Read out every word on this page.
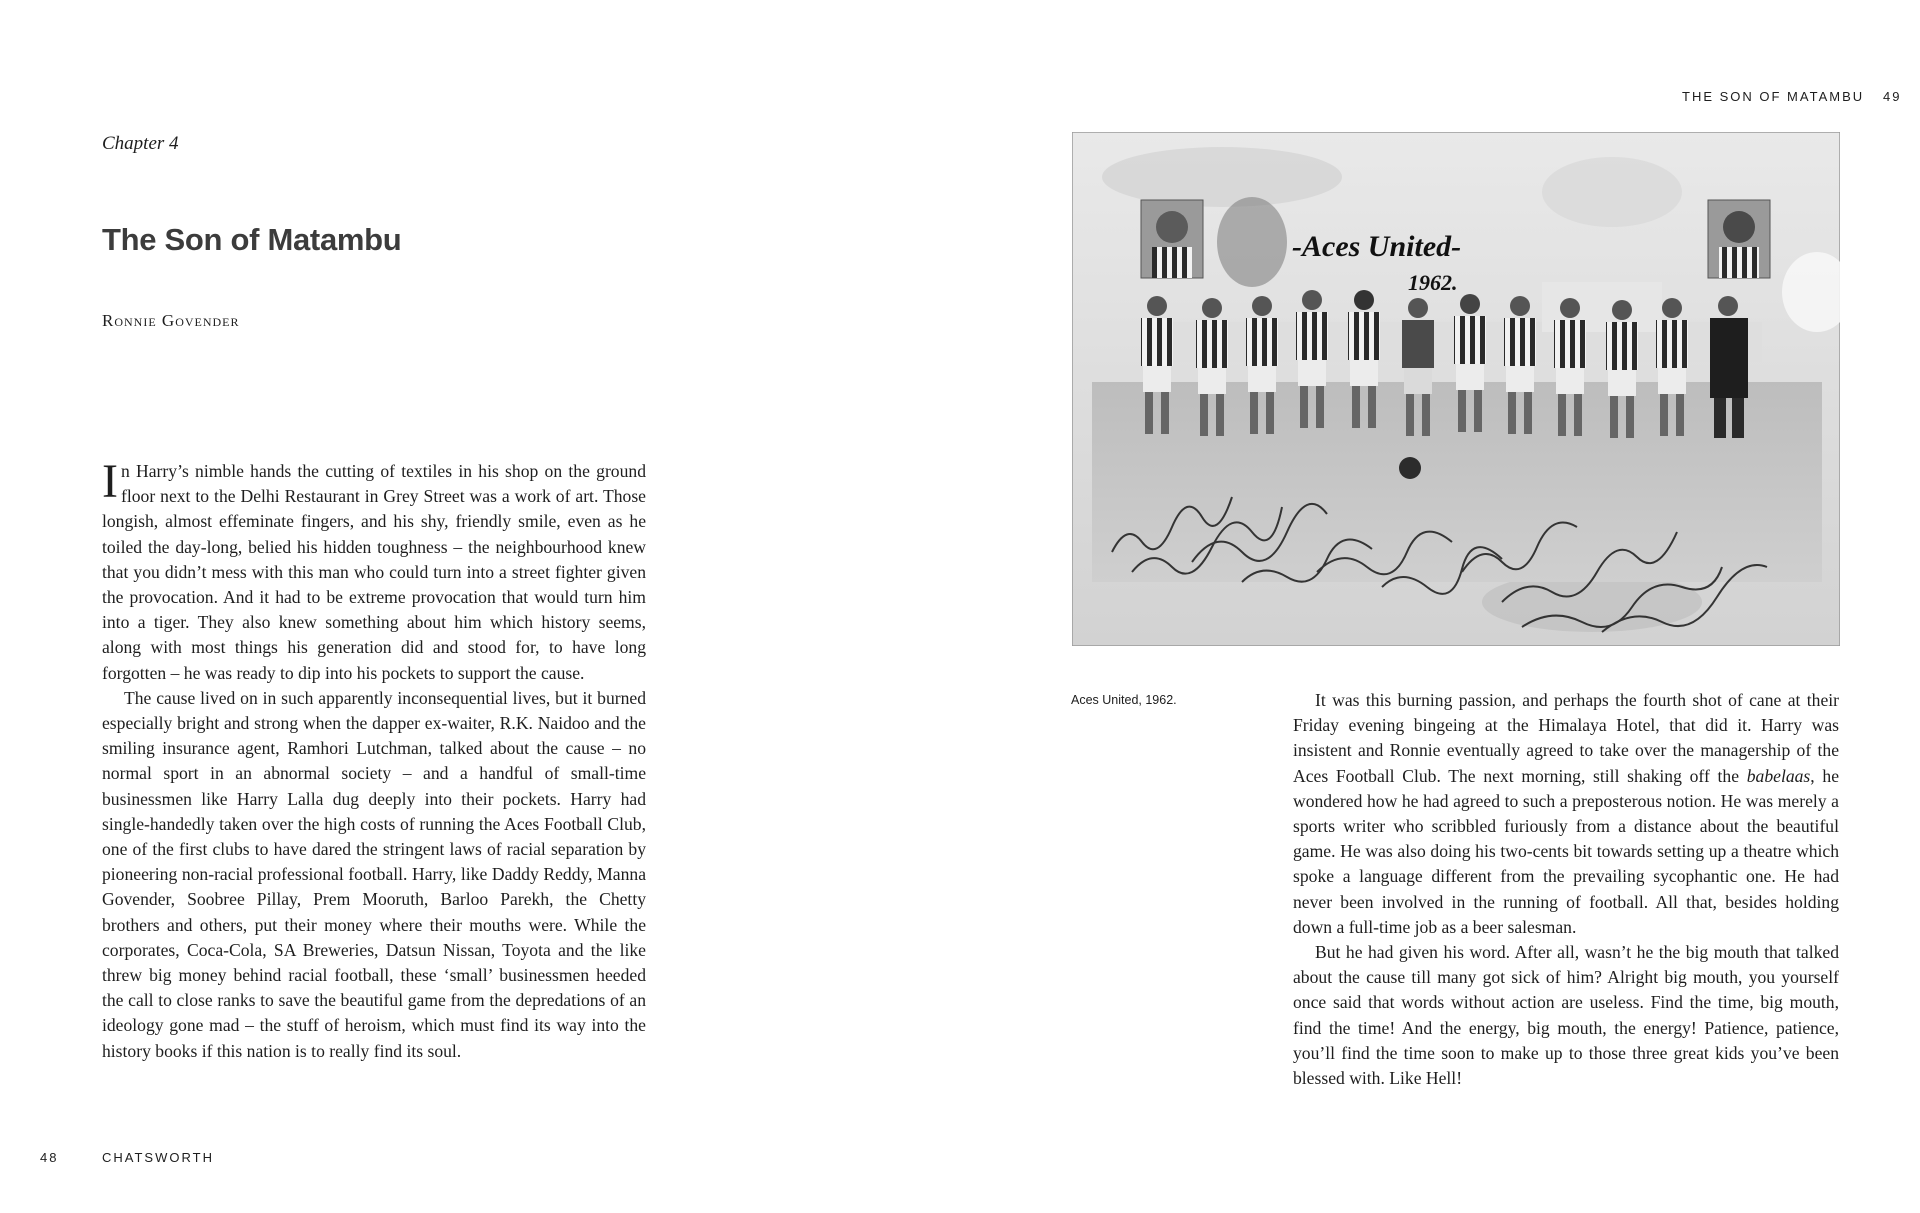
Chapter 4
The Son of Matambu
Ronnie Govender

In Harry’s nimble hands the cutting of textiles in his shop on the ground floor next to the Delhi Restaurant in Grey Street was a work of art. Those longish, almost effeminate fingers, and his shy, friendly smile, even as he toiled the day-long, belied his hidden toughness – the neighbourhood knew that you didn’t mess with this man who could turn into a street fighter given the provocation. And it had to be extreme provocation that would turn him into a tiger. They also knew something about him which history seems, along with most things his generation did and stood for, to have long forgotten – he was ready to dip into his pockets to support the cause.

The cause lived on in such apparently inconsequential lives, but it burned especially bright and strong when the dapper ex-waiter, R.K. Naidoo and the smiling insurance agent, Ramhori Lutchman, talked about the cause – no normal sport in an abnormal society – and a handful of small-time businessmen like Harry Lalla dug deeply into their pockets. Harry had single-handedly taken over the high costs of running the Aces Football Club, one of the first clubs to have dared the stringent laws of racial separation by pioneering non-racial professional football. Harry, like Daddy Reddy, Manna Govender, Soobree Pillay, Prem Mooruth, Barloo Parekh, the Chetty brothers and others, put their money where their mouths were. While the corporates, Coca-Cola, SA Breweries, Datsun Nissan, Toyota and the like threw big money behind racial football, these ‘small’ businessmen heeded the call to close ranks to save the beautiful game from the depredations of an ideology gone mad – the stuff of heroism, which must find its way into the history books if this nation is to really find its soul.

48	CHATSWORTH
THE SON OF MATAMBU 49
-Aces United-
1962.
Aces United, 1962.	It was this burning passion, and perhaps the fourth shot of cane at their Friday evening bingeing at the Himalaya Hotel, that did it. Harry was insistent and Ronnie eventually agreed to take over the managership of the Aces Football Club. The next morning, still shaking off the babelaas, he wondered how he had agreed to such a preposterous notion. He was merely a sports writer who scribbled furiously from a distance about the beautiful game. He was also doing his two-cents bit towards setting up a theatre which spoke a language different from the prevailing sycophantic one. He had never been involved in the running of football. All that, besides holding down a full-time job as a beer salesman.

But he had given his word. After all, wasn’t he the big mouth that talked about the cause till many got sick of him? Alright big mouth, you yourself once said that words without action are useless. Find the time, big mouth, find the time! And the energy, big mouth, the energy! Patience, patience, you’ll find the time soon to make up to those three great kids you’ve been blessed with. Like Hell!
